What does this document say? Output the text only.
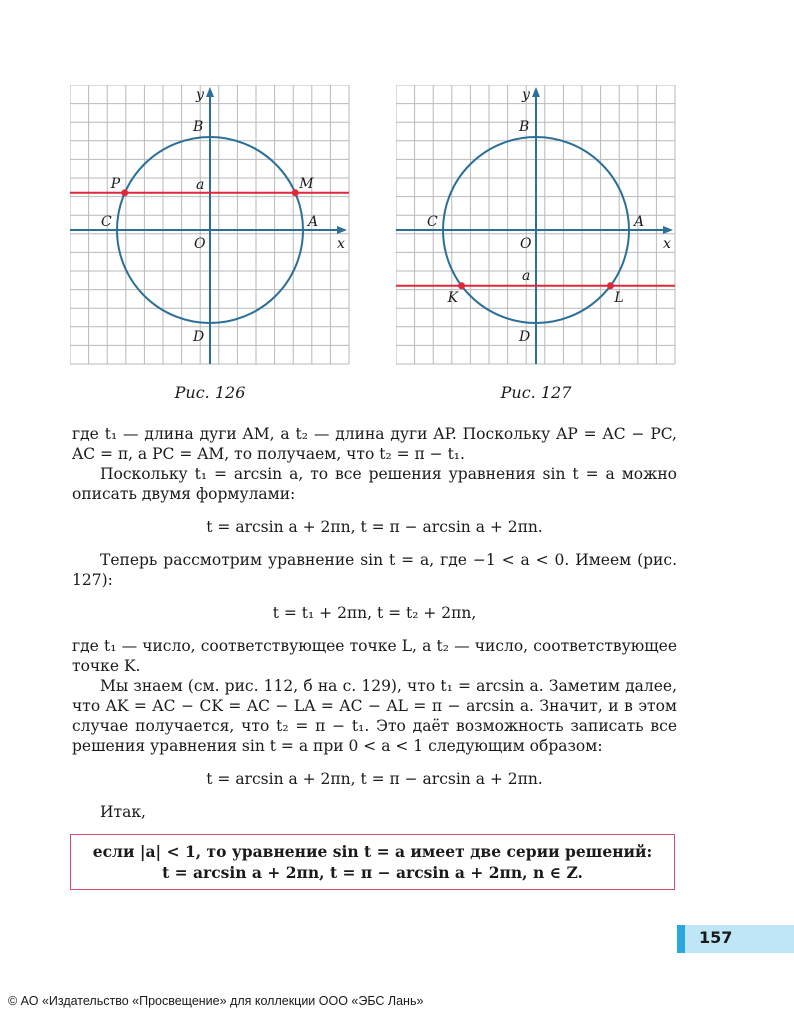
y
x
B
A
C
O
D
a
P	M
Рис. 126
y
x
B
A
C
O
D
a
K	L
Рис. 127
где t₁ — длина дуги AM, а t₂ — длина дуги AP. Поскольку AP = AC − PC, AC = π, а PC = AM, то получаем, что t₂ = π − t₁.
Поскольку t₁ = arcsin a, то все решения уравнения sin t = a можно описать двумя формулами:
t = arcsin a + 2πn, t = π − arcsin a + 2πn.
Теперь рассмотрим уравнение sin t = a, где −1 < a < 0. Имеем (рис. 127):
t = t₁ + 2πn, t = t₂ + 2πn,
где t₁ — число, соответствующее точке L, а t₂ — число, соответствующее точке K.
Мы знаем (см. рис. 112, б на с. 129), что t₁ = arcsin a. Заметим далее, что AK = AC − CK = AC − LA = AC − AL = π − arcsin a. Значит, и в этом случае получается, что t₂ = π − t₁. Это даёт возможность записать все решения уравнения sin t = a при 0 < a < 1 следующим образом:
t = arcsin a + 2πn, t = π − arcsin a + 2πn.
Итак,
если |a| < 1, то уравнение sin t = a имеет две серии решений:
t = arcsin a + 2πn, t = π − arcsin a + 2πn, n ∈ Z.
157
© АО «Издательство «Просвещение» для коллекции ООО «ЭБС Лань»
